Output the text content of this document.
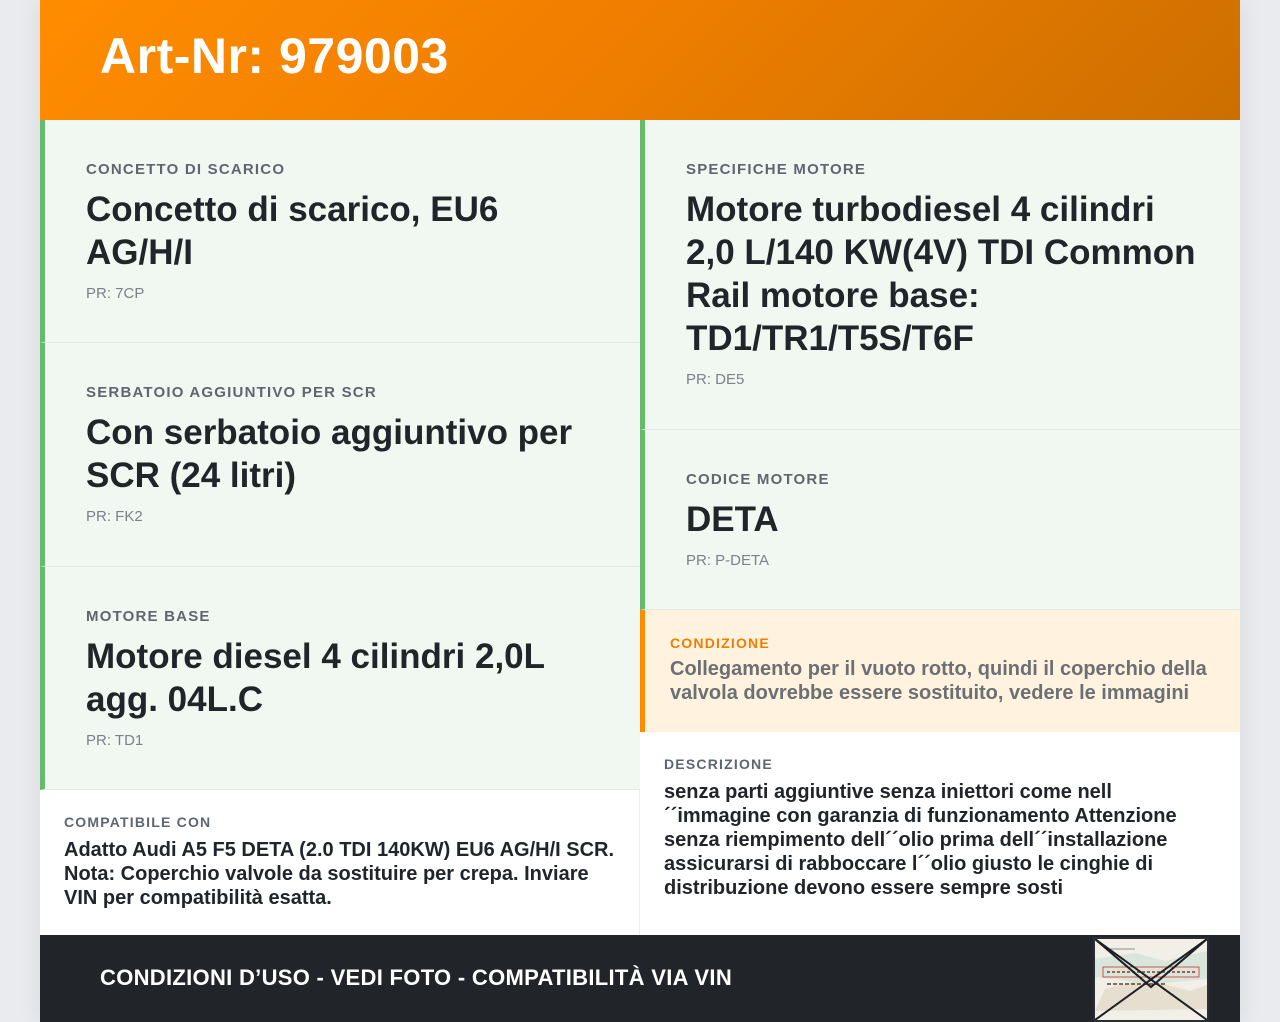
Art-Nr: 979003
CONCETTO DI SCARICO
Concetto di scarico, EU6 AG/H/I
PR: 7CP
SERBATOIO AGGIUNTIVO PER SCR
Con serbatoio aggiuntivo per SCR (24 litri)
PR: FK2
MOTORE BASE
Motore diesel 4 cilindri 2,0L agg. 04L.C
PR: TD1
SPECIFICHE MOTORE
Motore turbodiesel 4 cilindri 2,0 L/140 KW(4V) TDI Common Rail motore base: TD1/TR1/T5S/T6F
PR: DE5
CODICE MOTORE
DETA
PR: P-DETA
CONDIZIONE
Collegamento per il vuoto rotto, quindi il coperchio della valvola dovrebbe essere sostituito, vedere le immagini
COMPATIBILE CON
Adatto Audi A5 F5 DETA (2.0 TDI 140KW) EU6 AG/H/I SCR. Nota: Coperchio valvole da sostituire per crepa. Inviare VIN per compatibilità esatta.
DESCRIZIONE
senza parti aggiuntive senza iniettori come nell ´´immagine con garanzia di funzionamento Attenzione senza riempimento dell´´olio prima dell´´installazione assicurarsi di rabboccare l´´olio giusto le cinghie di distribuzione devono essere sempre sosti
CONDIZIONI D’USO - VEDI FOTO - COMPATIBILITÀ VIA VIN
